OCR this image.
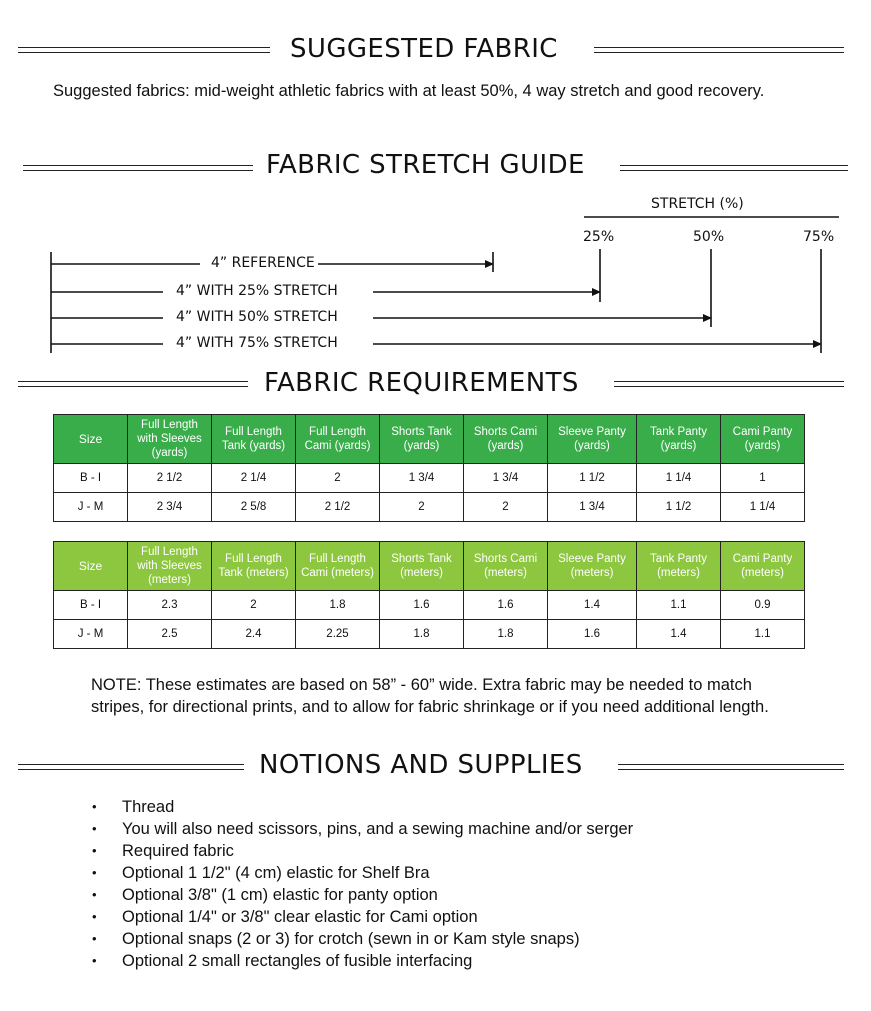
SUGGESTED FABRIC
Suggested fabrics: mid-weight athletic fabrics with at least 50%, 4 way stretch and good recovery.
FABRIC STRETCH GUIDE
STRETCH (%)
25%	50%	75%
4” REFERENCE
4” WITH 25% STRETCH
4” WITH 50% STRETCH
4” WITH 75% STRETCH
FABRIC REQUIREMENTS
Size	Full Length with Sleeves (yards)	Full Length Tank (yards)	Full Length Cami (yards)	Shorts Tank (yards)	Shorts Cami (yards)	Sleeve Panty (yards)	Tank Panty (yards)	Cami Panty (yards)
B - I	2 1/2	2 1/4	2	1 3/4	1 3/4	1 1/2	1 1/4	1
J - M	2 3/4	2 5/8	2 1/2	2	2	1 3/4	1 1/2	1 1/4
Size	Full Length with Sleeves (meters)	Full Length Tank (meters)	Full Length Cami (meters)	Shorts Tank (meters)	Shorts Cami (meters)	Sleeve Panty (meters)	Tank Panty (meters)	Cami Panty (meters)
B - I	2.3	2	1.8	1.6	1.6	1.4	1.1	0.9
J - M	2.5	2.4	2.25	1.8	1.8	1.6	1.4	1.1
NOTE: These estimates are based on 58” - 60” wide. Extra fabric may be needed to match stripes, for directional prints, and to allow for fabric shrinkage or if you need additional length.
NOTIONS AND SUPPLIES
• Thread
• You will also need scissors, pins, and a sewing machine and/or serger
• Required fabric
• Optional 1 1/2" (4 cm) elastic for Shelf Bra
• Optional 3/8" (1 cm) elastic for panty option
• Optional 1/4" or 3/8" clear elastic for Cami option
• Optional snaps (2 or 3) for crotch (sewn in or Kam style snaps)
• Optional 2 small rectangles of fusible interfacing
